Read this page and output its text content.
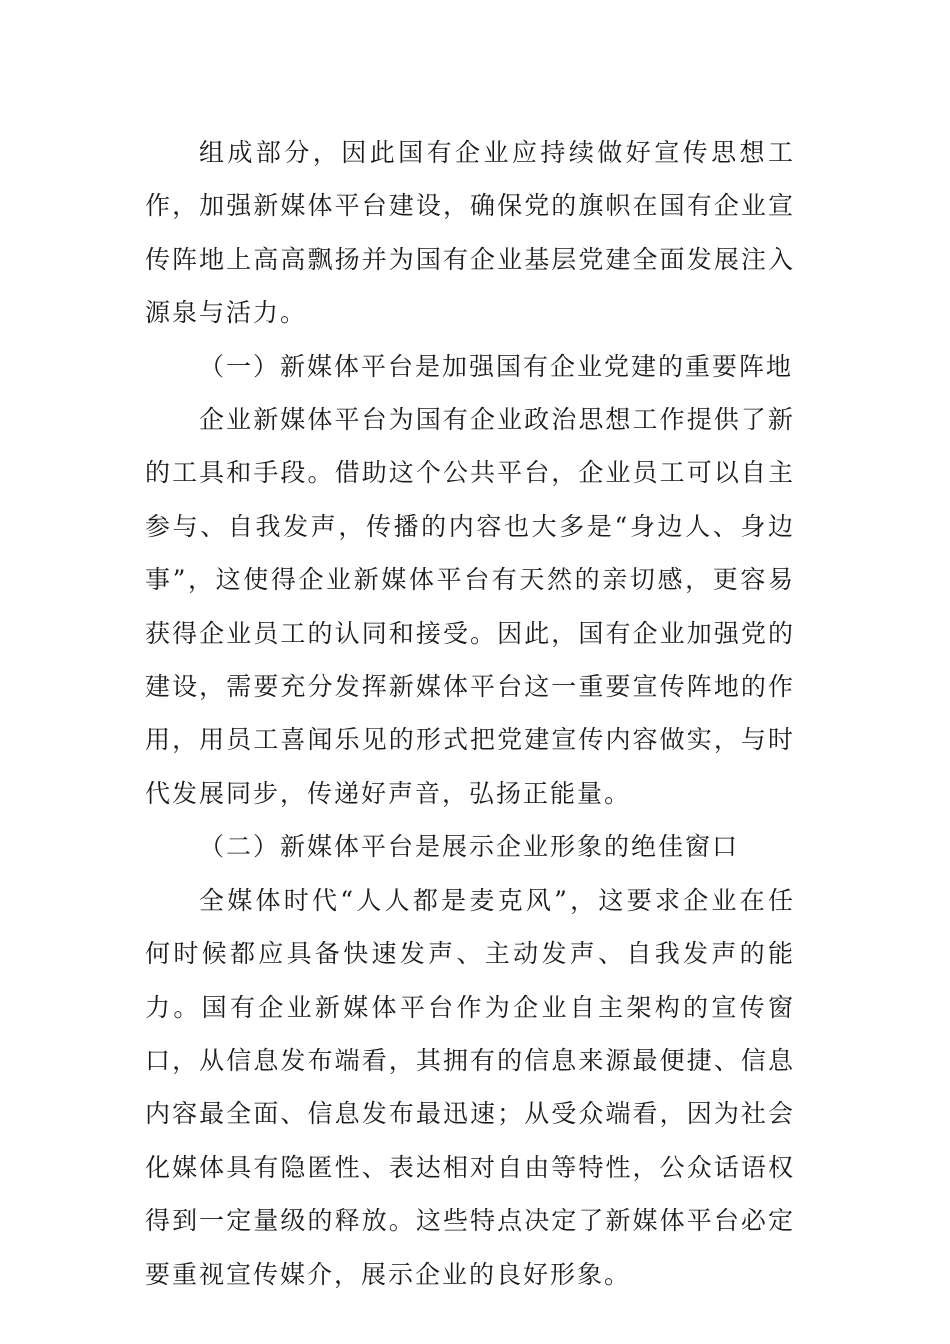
组成部分，因此国有企业应持续做好宣传思想工作，加强新媒体平台建设，确保党的旗帜在国有企业宣传阵地上高高飘扬并为国有企业基层党建全面发展注入源泉与活力。

（一）新媒体平台是加强国有企业党建的重要阵地

企业新媒体平台为国有企业政治思想工作提供了新的工具和手段。借助这个公共平台，企业员工可以自主参与、自我发声，传播的内容也大多是“身边人、身边事”，这使得企业新媒体平台有天然的亲切感，更容易获得企业员工的认同和接受。因此，国有企业加强党的建设，需要充分发挥新媒体平台这一重要宣传阵地的作用，用员工喜闻乐见的形式把党建宣传内容做实，与时代发展同步，传递好声音，弘扬正能量。

（二）新媒体平台是展示企业形象的绝佳窗口

全媒体时代“人人都是麦克风”，这要求企业在任何时候都应具备快速发声、主动发声、自我发声的能力。国有企业新媒体平台作为企业自主架构的宣传窗口，从信息发布端看，其拥有的信息来源最便捷、信息内容最全面、信息发布最迅速；从受众端看，因为社会化媒体具有隐匿性、表达相对自由等特性，公众话语权得到一定量级的释放。这些特点决定了新媒体平台必定要重视宣传媒介，展示企业的良好形象。
